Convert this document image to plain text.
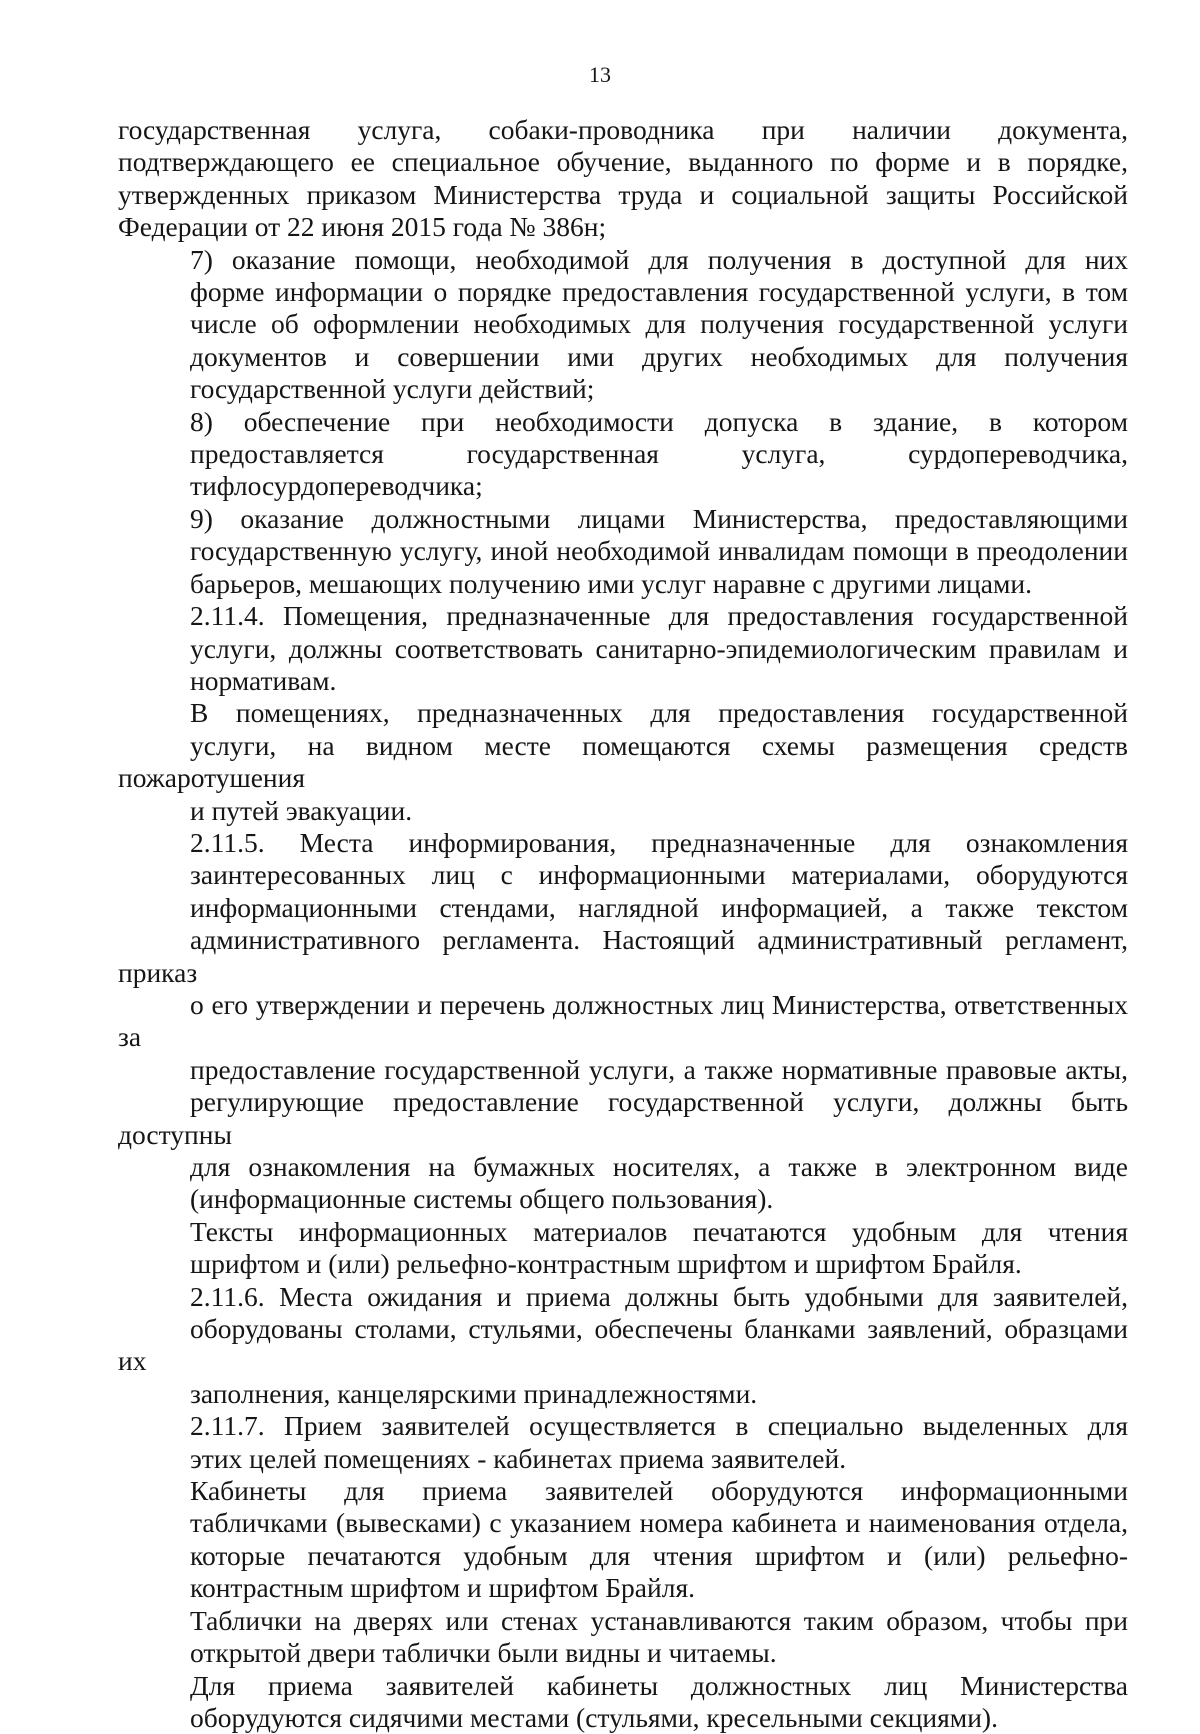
13

государственная услуга, собаки-проводника при наличии документа,
подтверждающего ее специальное обучение, выданного по форме и в порядке,
утвержденных приказом Министерства труда и социальной защиты Российской
Федерации от 22 июня 2015 года № 386н;

7) оказание помощи, необходимой для получения в доступной для них
форме информации о порядке предоставления государственной услуги, в том
числе об оформлении необходимых для получения государственной услуги
документов и совершении ими других необходимых для получения
государственной услуги действий;

8) обеспечение при необходимости допуска в здание, в котором
предоставляется государственная услуга, сурдопереводчика,
тифлосурдопереводчика;

9) оказание должностными лицами Министерства, предоставляющими
государственную услугу, иной необходимой инвалидам помощи в преодолении
барьеров, мешающих получению ими услуг наравне с другими лицами.

2.11.4. Помещения, предназначенные для предоставления государственной
услуги, должны соответствовать санитарно-эпидемиологическим правилам и
нормативам.

В помещениях, предназначенных для предоставления государственной
услуги, на видном месте помещаются схемы размещения средств пожаротушения
и путей эвакуации.

2.11.5. Места информирования, предназначенные для ознакомления
заинтересованных лиц с информационными материалами, оборудуются
информационными стендами, наглядной информацией, а также текстом
административного регламента. Настоящий административный регламент, приказ
о его утверждении и перечень должностных лиц Министерства, ответственных за
предоставление государственной услуги, а также нормативные правовые акты,
регулирующие предоставление государственной услуги, должны быть доступны
для ознакомления на бумажных носителях, а также в электронном виде
(информационные системы общего пользования).

Тексты информационных материалов печатаются удобным для чтения
шрифтом и (или) рельефно-контрастным шрифтом и шрифтом Брайля.

2.11.6. Места ожидания и приема должны быть удобными для заявителей,
оборудованы столами, стульями, обеспечены бланками заявлений, образцами их
заполнения, канцелярскими принадлежностями.

2.11.7. Прием заявителей осуществляется в специально выделенных для
этих целей помещениях - кабинетах приема заявителей.

Кабинеты для приема заявителей оборудуются информационными
табличками (вывесками) с указанием номера кабинета и наименования отдела,
которые печатаются удобным для чтения шрифтом и (или) рельефно-
контрастным шрифтом и шрифтом Брайля.

Таблички на дверях или стенах устанавливаются таким образом, чтобы при
открытой двери таблички были видны и читаемы.

Для приема заявителей кабинеты должностных лиц Министерства
оборудуются сидячими местами (стульями, кресельными секциями).
